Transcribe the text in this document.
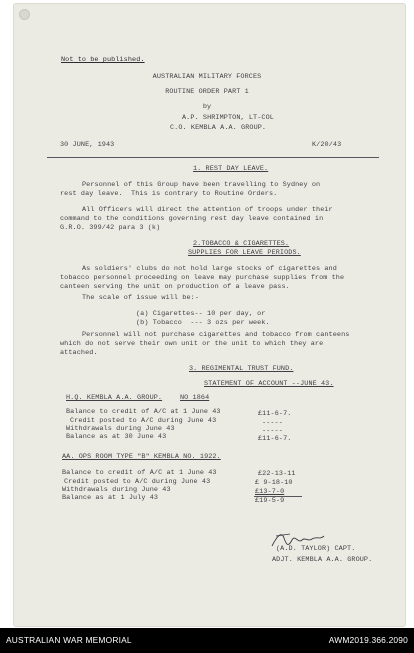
Not to be published.
AUSTRALIAN MILITARY FORCES
ROUTINE ORDER PART 1
by
A.P. SHRIMPTON, LT-COL
C.O. KEMBLA A.A. GROUP.
30 JUNE, 1943	K/20/43
1. REST DAY LEAVE.
Personnel of this Group have been travelling to Sydney on
rest day leave.  This is contrary to Routine Orders.
All Officers will direct the attention of troops under their
command to the conditions governing rest day leave contained in
G.R.O. 399/42 para 3 (k)
2.TOBACCO & CIGARETTES.
SUPPLIES FOR LEAVE PERIODS.
As soldiers' clubs do not hold large stocks of cigarettes and
tobacco personnel proceeding on leave may purchase supplies from the
canteen serving the unit on production of a leave pass.
The scale of issue will be:-
(a) Cigarettes-- 10 per day, or
(b) Tobacco  --- 3 ozs per week.
Personnel will not purchase cigarettes and tobacco from canteens
which do not serve their own unit or the unit to which they are
attached.
3. REGIMENTAL TRUST FUND.
STATEMENT OF ACCOUNT --JUNE 43.
H.Q. KEMBLA A.A. GROUP.	NO 1864
Balance to credit of A/C at 1 June 43	£11-6-7.
Credit posted to A/C during June 43	-----
Withdrawals during June 43	-----
Balance as at 30 June 43	£11-6-7.
AA. OPS ROOM TYPE "B" KEMBLA NO. 1922.
Balance to credit of A/C at 1 June 43	£22-13-11
Credit posted to A/C during June 43	£ 9-18-10
Withdrawals during June 43	£13-7-0
Balance as at 1 July 43	£19-5-9
(A.D. TAYLOR) CAPT.
ADJT. KEMBLA A.A. GROUP.
AUSTRALIAN WAR MEMORIAL	AWM2019.366.2090
